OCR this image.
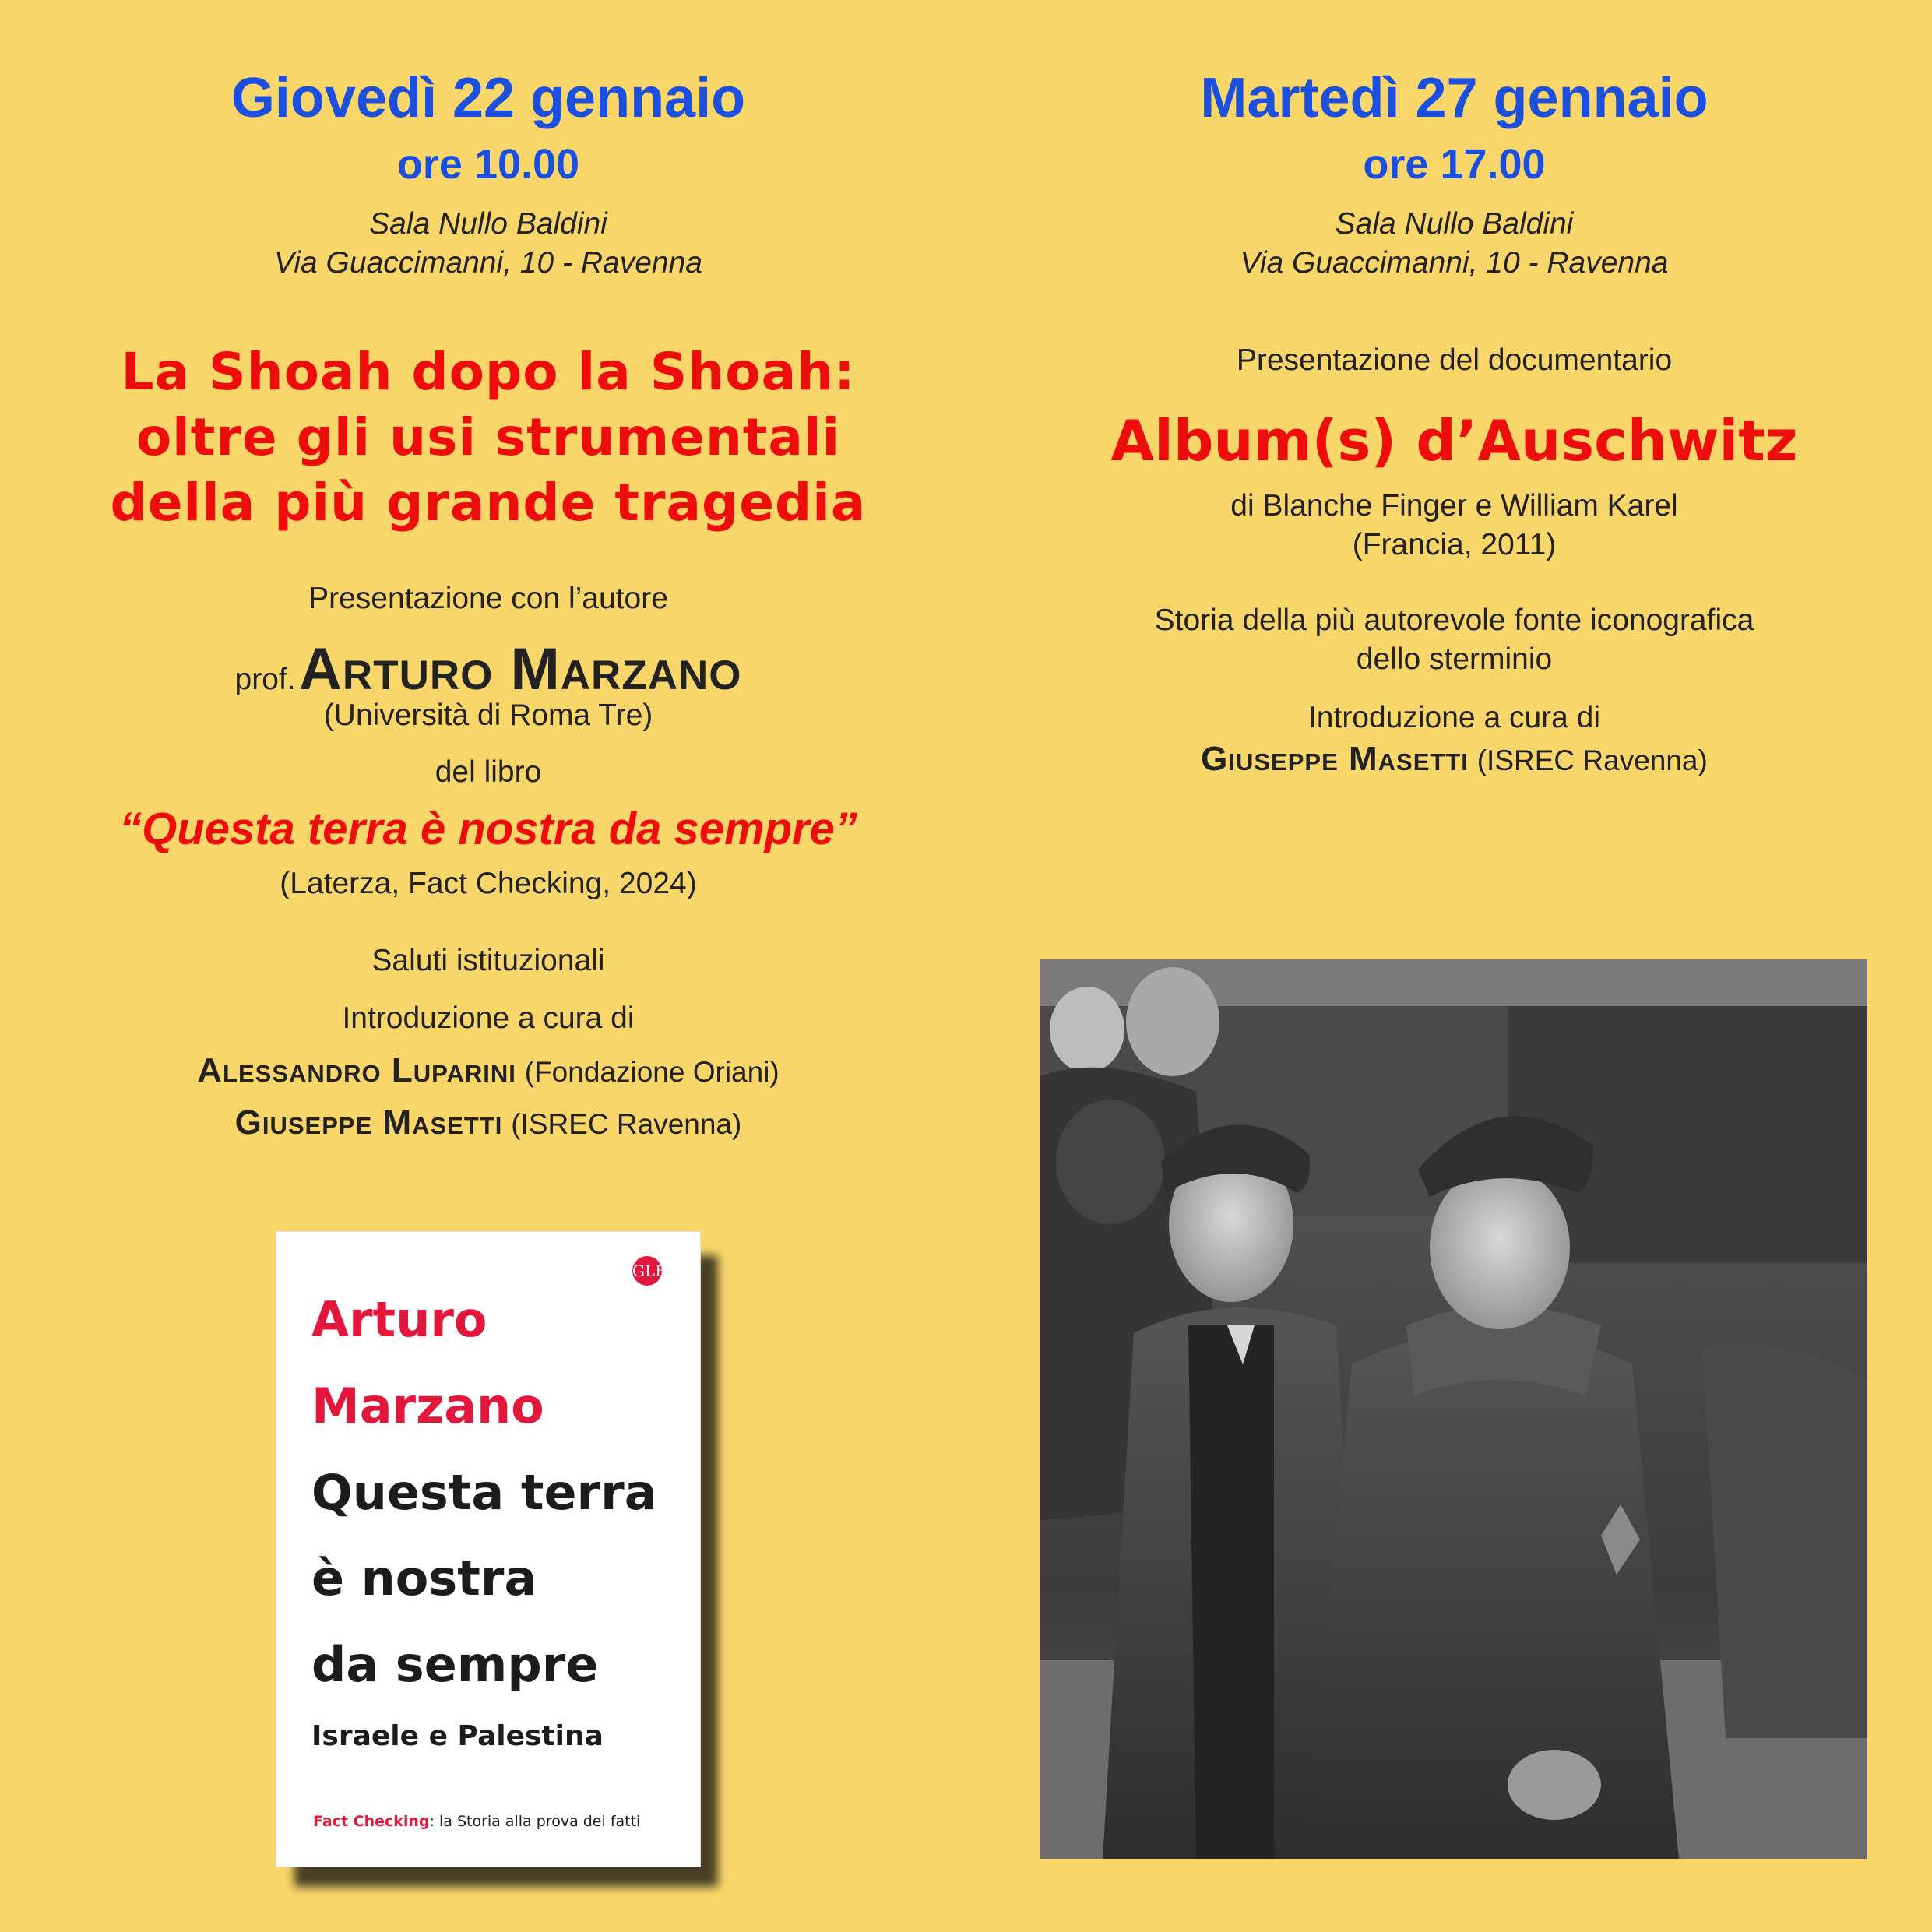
Giovedì 22 gennaio
ore 10.00
Sala Nullo Baldini
Via Guaccimanni, 10 - Ravenna
La Shoah dopo la Shoah:
oltre gli usi strumentali
della più grande tragedia
Presentazione con l’autore
prof. Arturo Marzano
(Università di Roma Tre)
del libro
“Questa terra è nostra da sempre”
(Laterza, Fact Checking, 2024)
Saluti istituzionali
Introduzione a cura di
Alessandro Luparini (Fondazione Oriani)
Giuseppe Masetti (ISREC Ravenna)
Martedì 27 gennaio
ore 17.00
Sala Nullo Baldini
Via Guaccimanni, 10 - Ravenna
Presentazione del documentario
Album(s) d’Auschwitz
di Blanche Finger e William Karel
(Francia, 2011)
Storia della più autorevole fonte iconografica
dello sterminio
Introduzione a cura di
Giuseppe Masetti (ISREC Ravenna)
GLF
Arturo
Marzano
Questa terra
è nostra
da sempre
Israele e Palestina
Fact Checking: la Storia alla prova dei fatti
